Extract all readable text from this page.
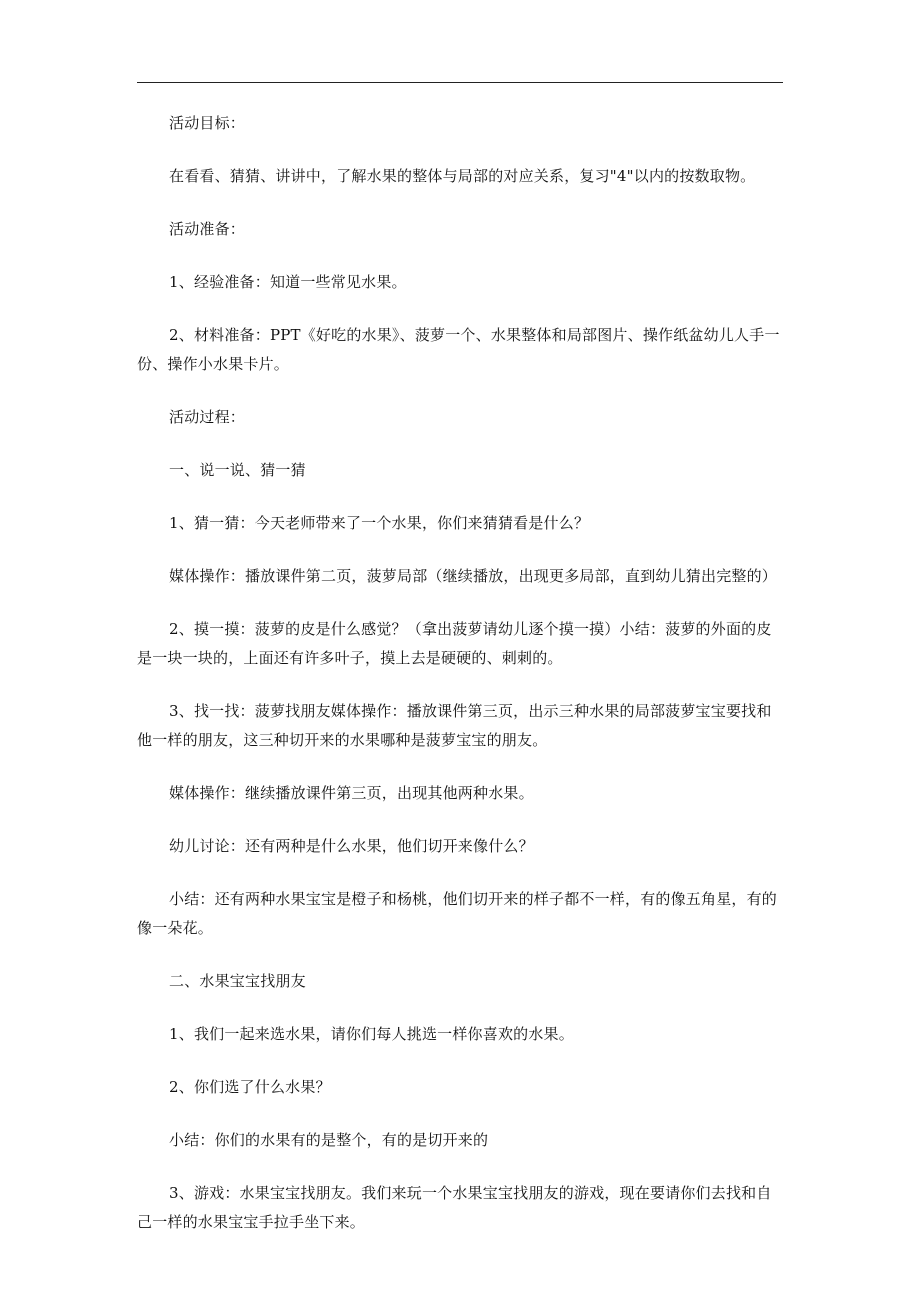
活动目标：

在看看、猜猜、讲讲中，了解水果的整体与局部的对应关系，复习"4"以内的按数取物。

活动准备：

1、经验准备：知道一些常见水果。

2、材料准备：PPT《好吃的水果》、菠萝一个、水果整体和局部图片、操作纸盆幼儿人手一份、操作小水果卡片。

活动过程：

一、说一说、猜一猜

1、猜一猜：今天老师带来了一个水果，你们来猜猜看是什么？

媒体操作：播放课件第二页，菠萝局部（继续播放，出现更多局部，直到幼儿猜出完整的）

2、摸一摸：菠萝的皮是什么感觉？（拿出菠萝请幼儿逐个摸一摸）小结：菠萝的外面的皮是一块一块的，上面还有许多叶子，摸上去是硬硬的、刺刺的。

3、找一找：菠萝找朋友媒体操作：播放课件第三页，出示三种水果的局部菠萝宝宝要找和他一样的朋友，这三种切开来的水果哪种是菠萝宝宝的朋友。

媒体操作：继续播放课件第三页，出现其他两种水果。

幼儿讨论：还有两种是什么水果，他们切开来像什么？

小结：还有两种水果宝宝是橙子和杨桃，他们切开来的样子都不一样，有的像五角星，有的像一朵花。

二、水果宝宝找朋友

1、我们一起来选水果，请你们每人挑选一样你喜欢的水果。

2、你们选了什么水果？

小结：你们的水果有的是整个，有的是切开来的

3、游戏：水果宝宝找朋友。我们来玩一个水果宝宝找朋友的游戏，现在要请你们去找和自己一样的水果宝宝手拉手坐下来。
